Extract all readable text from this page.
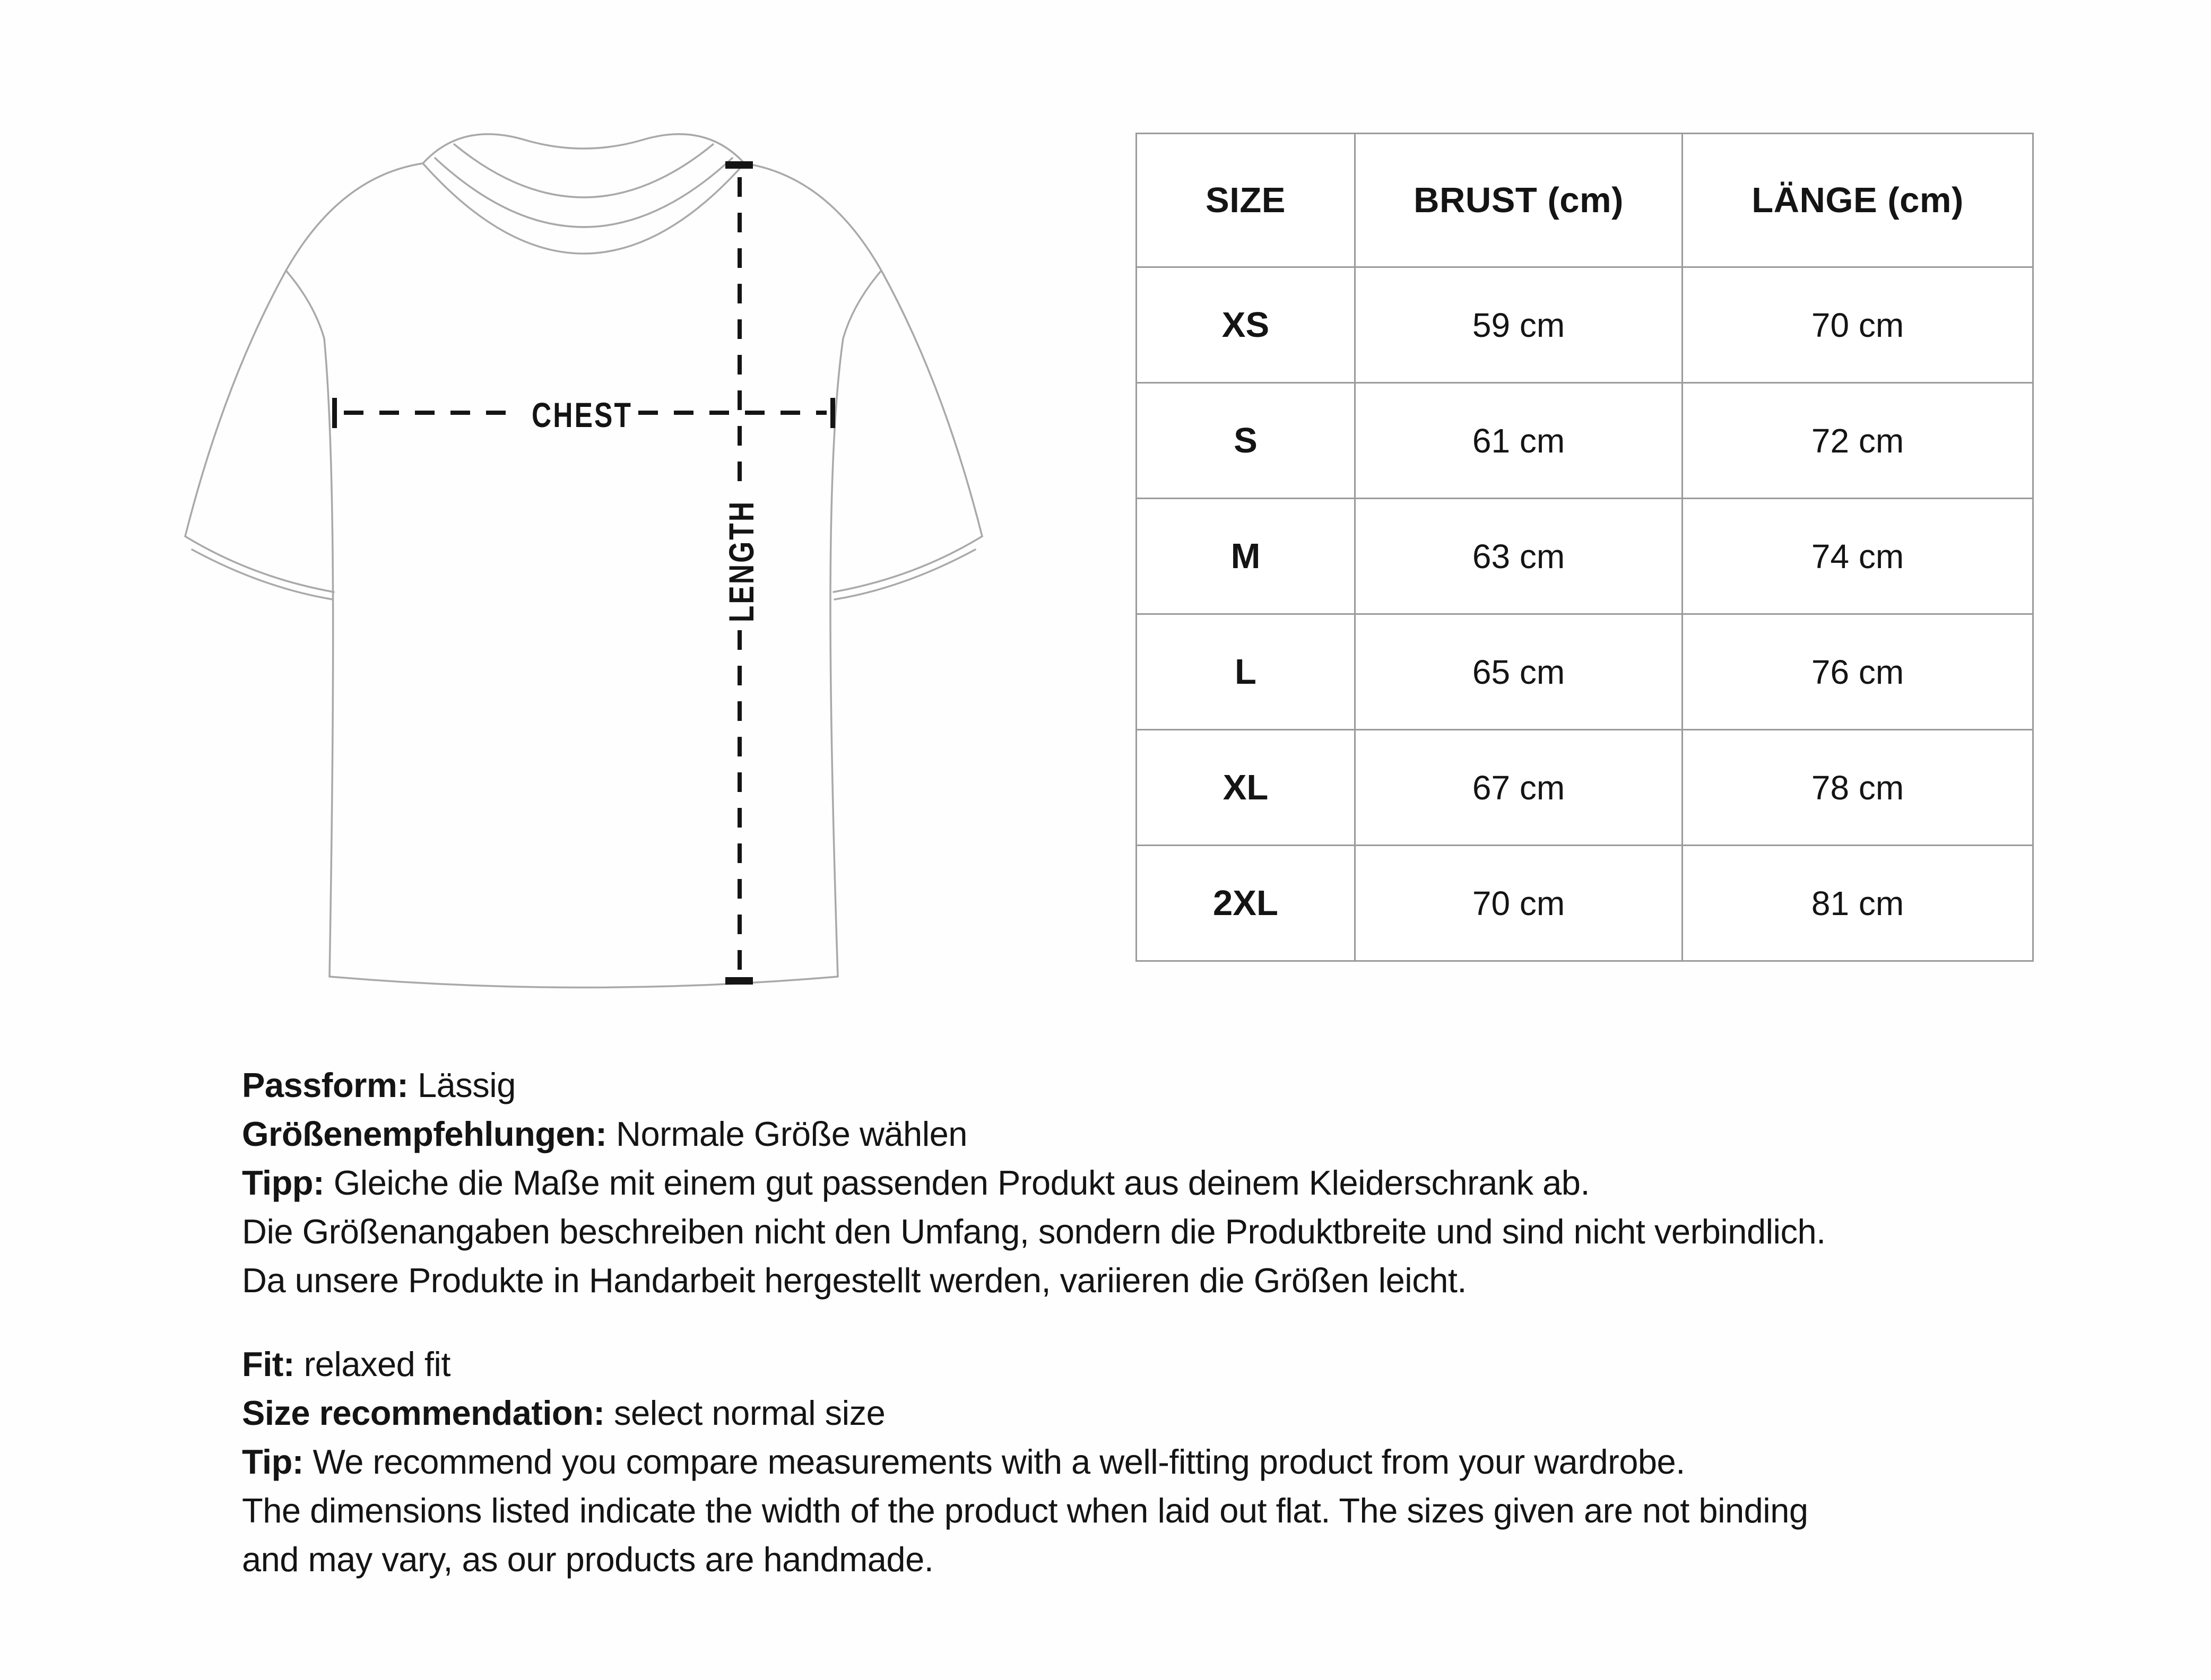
CHEST
LENGTH
SIZE	BRUST (cm)	LÄNGE (cm)
XS	59 cm	70 cm
S	61 cm	72 cm
M	63 cm	74 cm
L	65 cm	76 cm
XL	67 cm	78 cm
2XL	70 cm	81 cm

Passform: Lässig

Größenempfehlungen: Normale Größe wählen

Tipp: Gleiche die Maße mit einem gut passenden Produkt aus deinem Kleiderschrank ab.

Die Größenangaben beschreiben nicht den Umfang, sondern die Produktbreite und sind nicht verbindlich.

Da unsere Produkte in Handarbeit hergestellt werden, variieren die Größen leicht.

Fit: relaxed fit

Size recommendation: select normal size

Tip: We recommend you compare measurements with a well-fitting product from your wardrobe.

The dimensions listed indicate the width of the product when laid out flat. The sizes given are not binding

and may vary, as our products are handmade.
